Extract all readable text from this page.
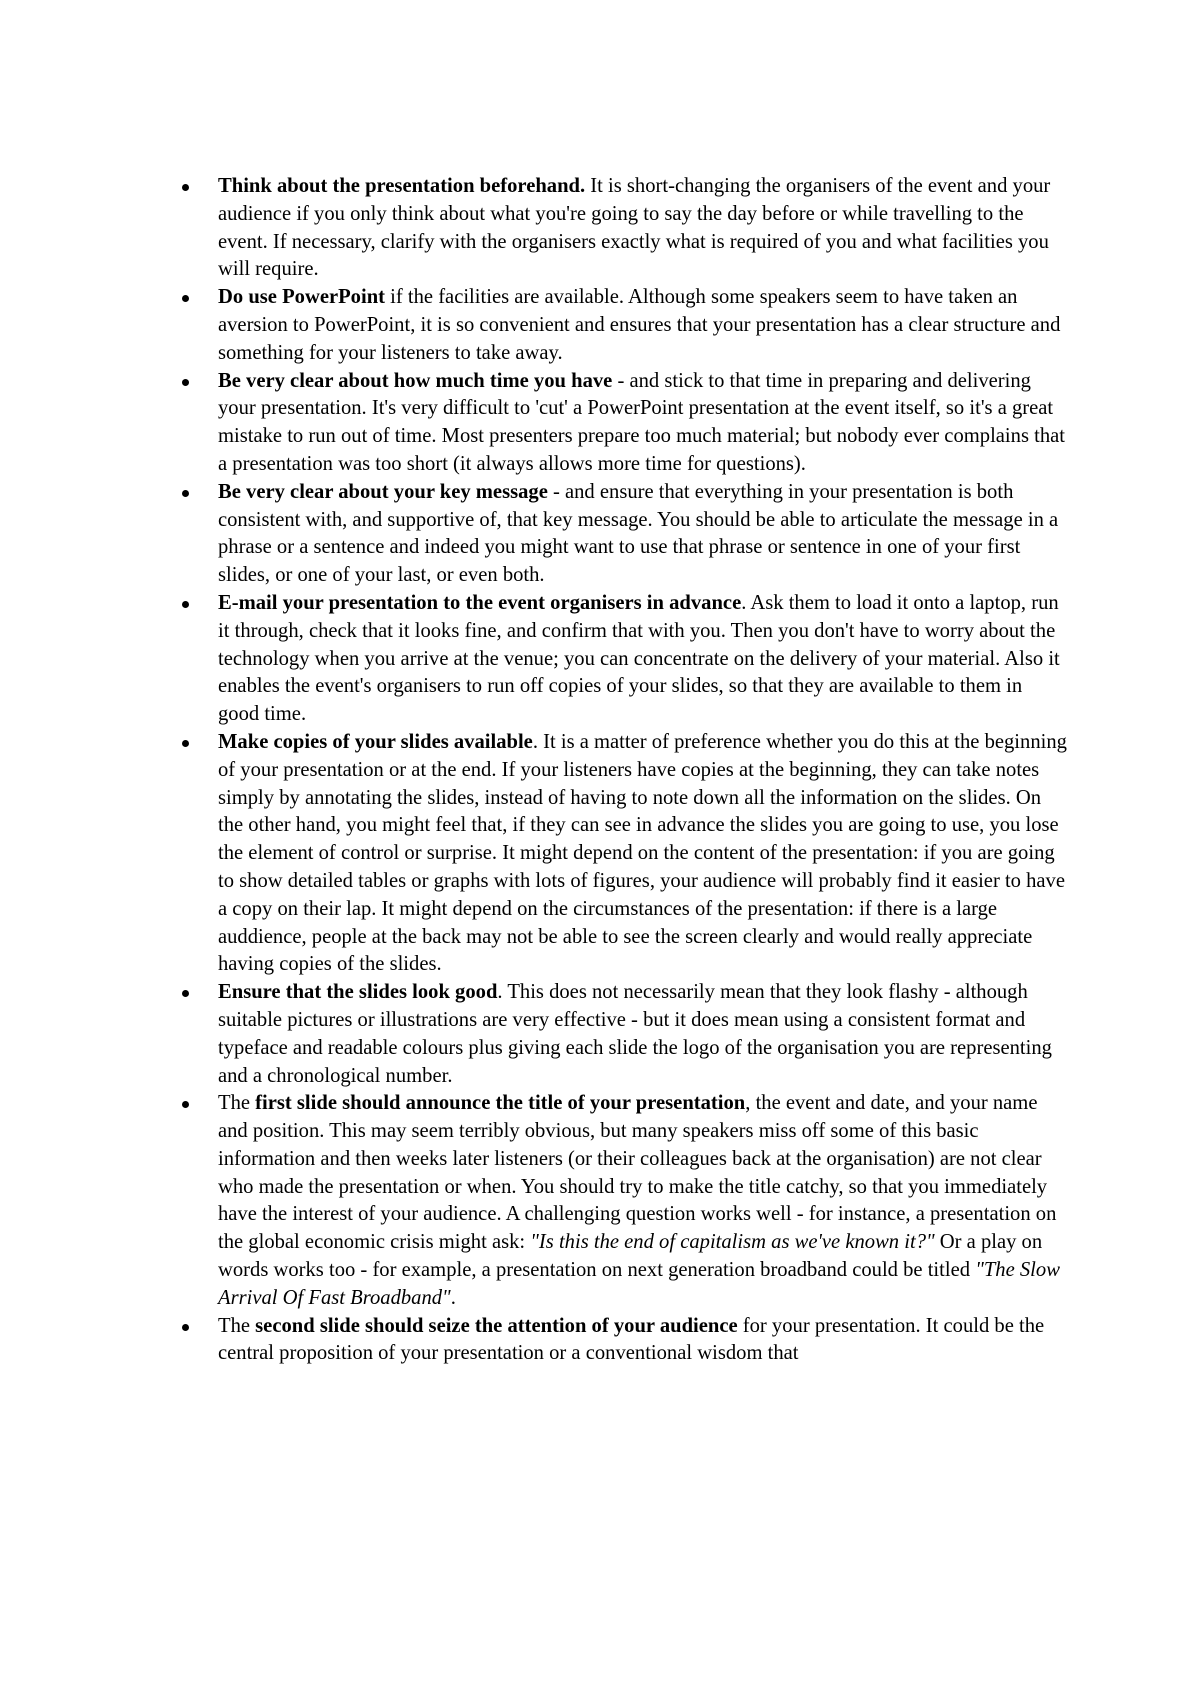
Think about the presentation beforehand. It is short-changing the organisers of the event and your audience if you only think about what you're going to say the day before or while travelling to the event. If necessary, clarify with the organisers exactly what is required of you and what facilities you will require.
Do use PowerPoint if the facilities are available. Although some speakers seem to have taken an aversion to PowerPoint, it is so convenient and ensures that your presentation has a clear structure and something for your listeners to take away.
Be very clear about how much time you have - and stick to that time in preparing and delivering your presentation. It's very difficult to 'cut' a PowerPoint presentation at the event itself, so it's a great mistake to run out of time. Most presenters prepare too much material; but nobody ever complains that a presentation was too short (it always allows more time for questions).
Be very clear about your key message - and ensure that everything in your presentation is both consistent with, and supportive of, that key message. You should be able to articulate the message in a phrase or a sentence and indeed you might want to use that phrase or sentence in one of your first slides, or one of your last, or even both.
E-mail your presentation to the event organisers in advance. Ask them to load it onto a laptop, run it through, check that it looks fine, and confirm that with you. Then you don't have to worry about the technology when you arrive at the venue; you can concentrate on the delivery of your material. Also it enables the event's organisers to run off copies of your slides, so that they are available to them in good time.
Make copies of your slides available. It is a matter of preference whether you do this at the beginning of your presentation or at the end. If your listeners have copies at the beginning, they can take notes simply by annotating the slides, instead of having to note down all the information on the slides. On the other hand, you might feel that, if they can see in advance the slides you are going to use, you lose the element of control or surprise. It might depend on the content of the presentation: if you are going to show detailed tables or graphs with lots of figures, your audience will probably find it easier to have a copy on their lap. It might depend on the circumstances of the presentation: if there is a large auddience, people at the back may not be able to see the screen clearly and would really appreciate having copies of the slides.
Ensure that the slides look good. This does not necessarily mean that they look flashy - although suitable pictures or illustrations are very effective - but it does mean using a consistent format and typeface and readable colours plus giving each slide the logo of the organisation you are representing and a chronological number.
The first slide should announce the title of your presentation, the event and date, and your name and position. This may seem terribly obvious, but many speakers miss off some of this basic information and then weeks later listeners (or their colleagues back at the organisation) are not clear who made the presentation or when. You should try to make the title catchy, so that you immediately have the interest of your audience. A challenging question works well - for instance, a presentation on the global economic crisis might ask: "Is this the end of capitalism as we've known it?" Or a play on words works too - for example, a presentation on next generation broadband could be titled "The Slow Arrival Of Fast Broadband".
The second slide should seize the attention of your audience for your presentation. It could be the central proposition of your presentation or a conventional wisdom that
